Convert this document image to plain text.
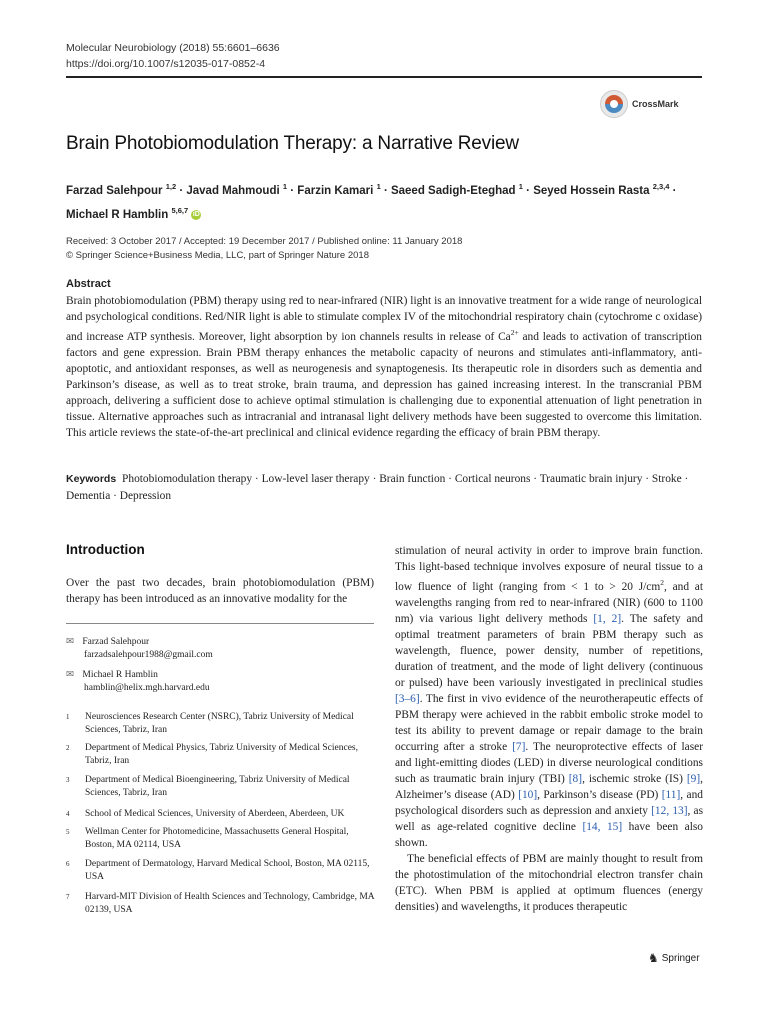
Molecular Neurobiology (2018) 55:6601–6636
https://doi.org/10.1007/s12035-017-0852-4
CrossMark
Brain Photobiomodulation Therapy: a Narrative Review
Farzad Salehpour $^{1,2}$ · Javad Mahmoudi $^1$ · Farzin Kamari $^1$ · Saeed Sadigh-Eteghad $^1$ · Seyed Hossein Rasta $^{2,3,4}$ ·
Michael R Hamblin $^{5,6,7}$ iD
Received: 3 October 2017 / Accepted: 19 December 2017 / Published online: 11 January 2018
© Springer Science+Business Media, LLC, part of Springer Nature 2018
Abstract
Brain photobiomodulation (PBM) therapy using red to near-infrared (NIR) light is an innovative treatment for a wide range of neurological and psychological conditions. Red/NIR light is able to stimulate complex IV of the mitochondrial respiratory chain (cytochrome c oxidase) and increase ATP synthesis. Moreover, light absorption by ion channels results in release of $Ca^{2+}$ and leads to activation of transcription factors and gene expression. Brain PBM therapy enhances the metabolic capacity of neurons and stimulates anti-inflammatory, anti-apoptotic, and antioxidant responses, as well as neurogenesis and synaptogenesis. Its therapeutic role in disorders such as dementia and Parkinson’s disease, as well as to treat stroke, brain trauma, and depression has gained increasing interest. In the transcranial PBM approach, delivering a sufficient dose to achieve optimal stimulation is challenging due to exponential attenuation of light penetration in tissue. Alternative approaches such as intracranial and intranasal light delivery methods have been suggested to overcome this limitation. This article reviews the state-of-the-art preclinical and clinical evidence regarding the efficacy of brain PBM therapy.
Keywords Photobiomodulation therapy · Low-level laser therapy · Brain function · Cortical neurons · Traumatic brain injury · Stroke · Dementia · Depression
Introduction
Over the past two decades, brain photobiomodulation (PBM) therapy has been introduced as an innovative modality for the
✉ Farzad Salehpour
farzadsalehpour1988@gmail.com
✉ Michael R Hamblin
hamblin@helix.mgh.harvard.edu
1	Neurosciences Research Center (NSRC), Tabriz University of Medical Sciences, Tabriz, Iran
2	Department of Medical Physics, Tabriz University of Medical Sciences, Tabriz, Iran
3	Department of Medical Bioengineering, Tabriz University of Medical Sciences, Tabriz, Iran
4	School of Medical Sciences, University of Aberdeen, Aberdeen, UK
5	Wellman Center for Photomedicine, Massachusetts General Hospital, Boston, MA 02114, USA
6	Department of Dermatology, Harvard Medical School, Boston, MA 02115, USA
7	Harvard-MIT Division of Health Sciences and Technology, Cambridge, MA 02139, USA

stimulation of neural activity in order to improve brain function. This light-based technique involves exposure of neural tissue to a low fluence of light (ranging from < 1 to > 20 $J/cm^2$, and at wavelengths ranging from red to near-infrared (NIR) (600 to 1100 nm) via various light delivery methods [1, 2]. The safety and optimal treatment parameters of brain PBM therapy such as wavelength, fluence, power density, number of repetitions, duration of treatment, and the mode of light delivery (continuous or pulsed) have been variously investigated in preclinical studies [3–6]. The first in vivo evidence of the neurotherapeutic effects of PBM therapy were achieved in the rabbit embolic stroke model to test its ability to prevent damage or repair damage to the brain occurring after a stroke [7]. The neuroprotective effects of laser and light-emitting diodes (LED) in diverse neurological conditions such as traumatic brain injury (TBI) [8], ischemic stroke (IS) [9], Alzheimer’s disease (AD) [10], Parkinson’s disease (PD) [11], and psychological disorders such as depression and anxiety [12, 13], as well as age-related cognitive decline [14, 15] have been also shown.

The beneficial effects of PBM are mainly thought to result from the photostimulation of the mitochondrial electron transfer chain (ETC). When PBM is applied at optimum fluences (energy densities) and wavelengths, it produces therapeutic

♞ Springer
